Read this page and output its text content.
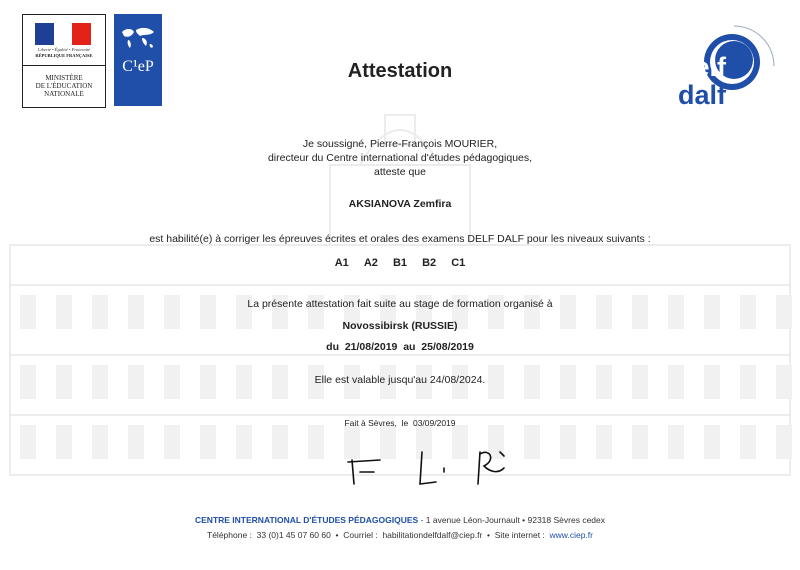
Liberté • Égalité • Fraternité
RÉPUBLIQUE FRANÇAISE
MINISTÈRE
DE L'ÉDUCATION
NATIONALE
C¹eP	delf
dalf
Attestation
Je soussigné, Pierre-François MOURIER,
directeur du Centre international d'études pédagogiques,
atteste que
AKSIANOVA Zemfira
est habilité(e) à corriger les épreuves écrites et orales des examens DELF DALF pour les niveaux suivants :
A1 A2 B1 B2 C1
La présente attestation fait suite au stage de formation organisé à
Novossibirsk (RUSSIE)
du  21/08/2019  au  25/08/2019
Elle est valable jusqu'au 24/08/2024.
Fait à Sèvres,  le  03/09/2019
CENTRE INTERNATIONAL D'ÉTUDES PÉDAGOGIQUES - 1 avenue Léon-Journault • 92318 Sèvres cedex
Téléphone :  33 (0)1 45 07 60 60  •  Courriel :  habilitationdelfdalf@ciep.fr  •  Site internet :  www.ciep.fr
